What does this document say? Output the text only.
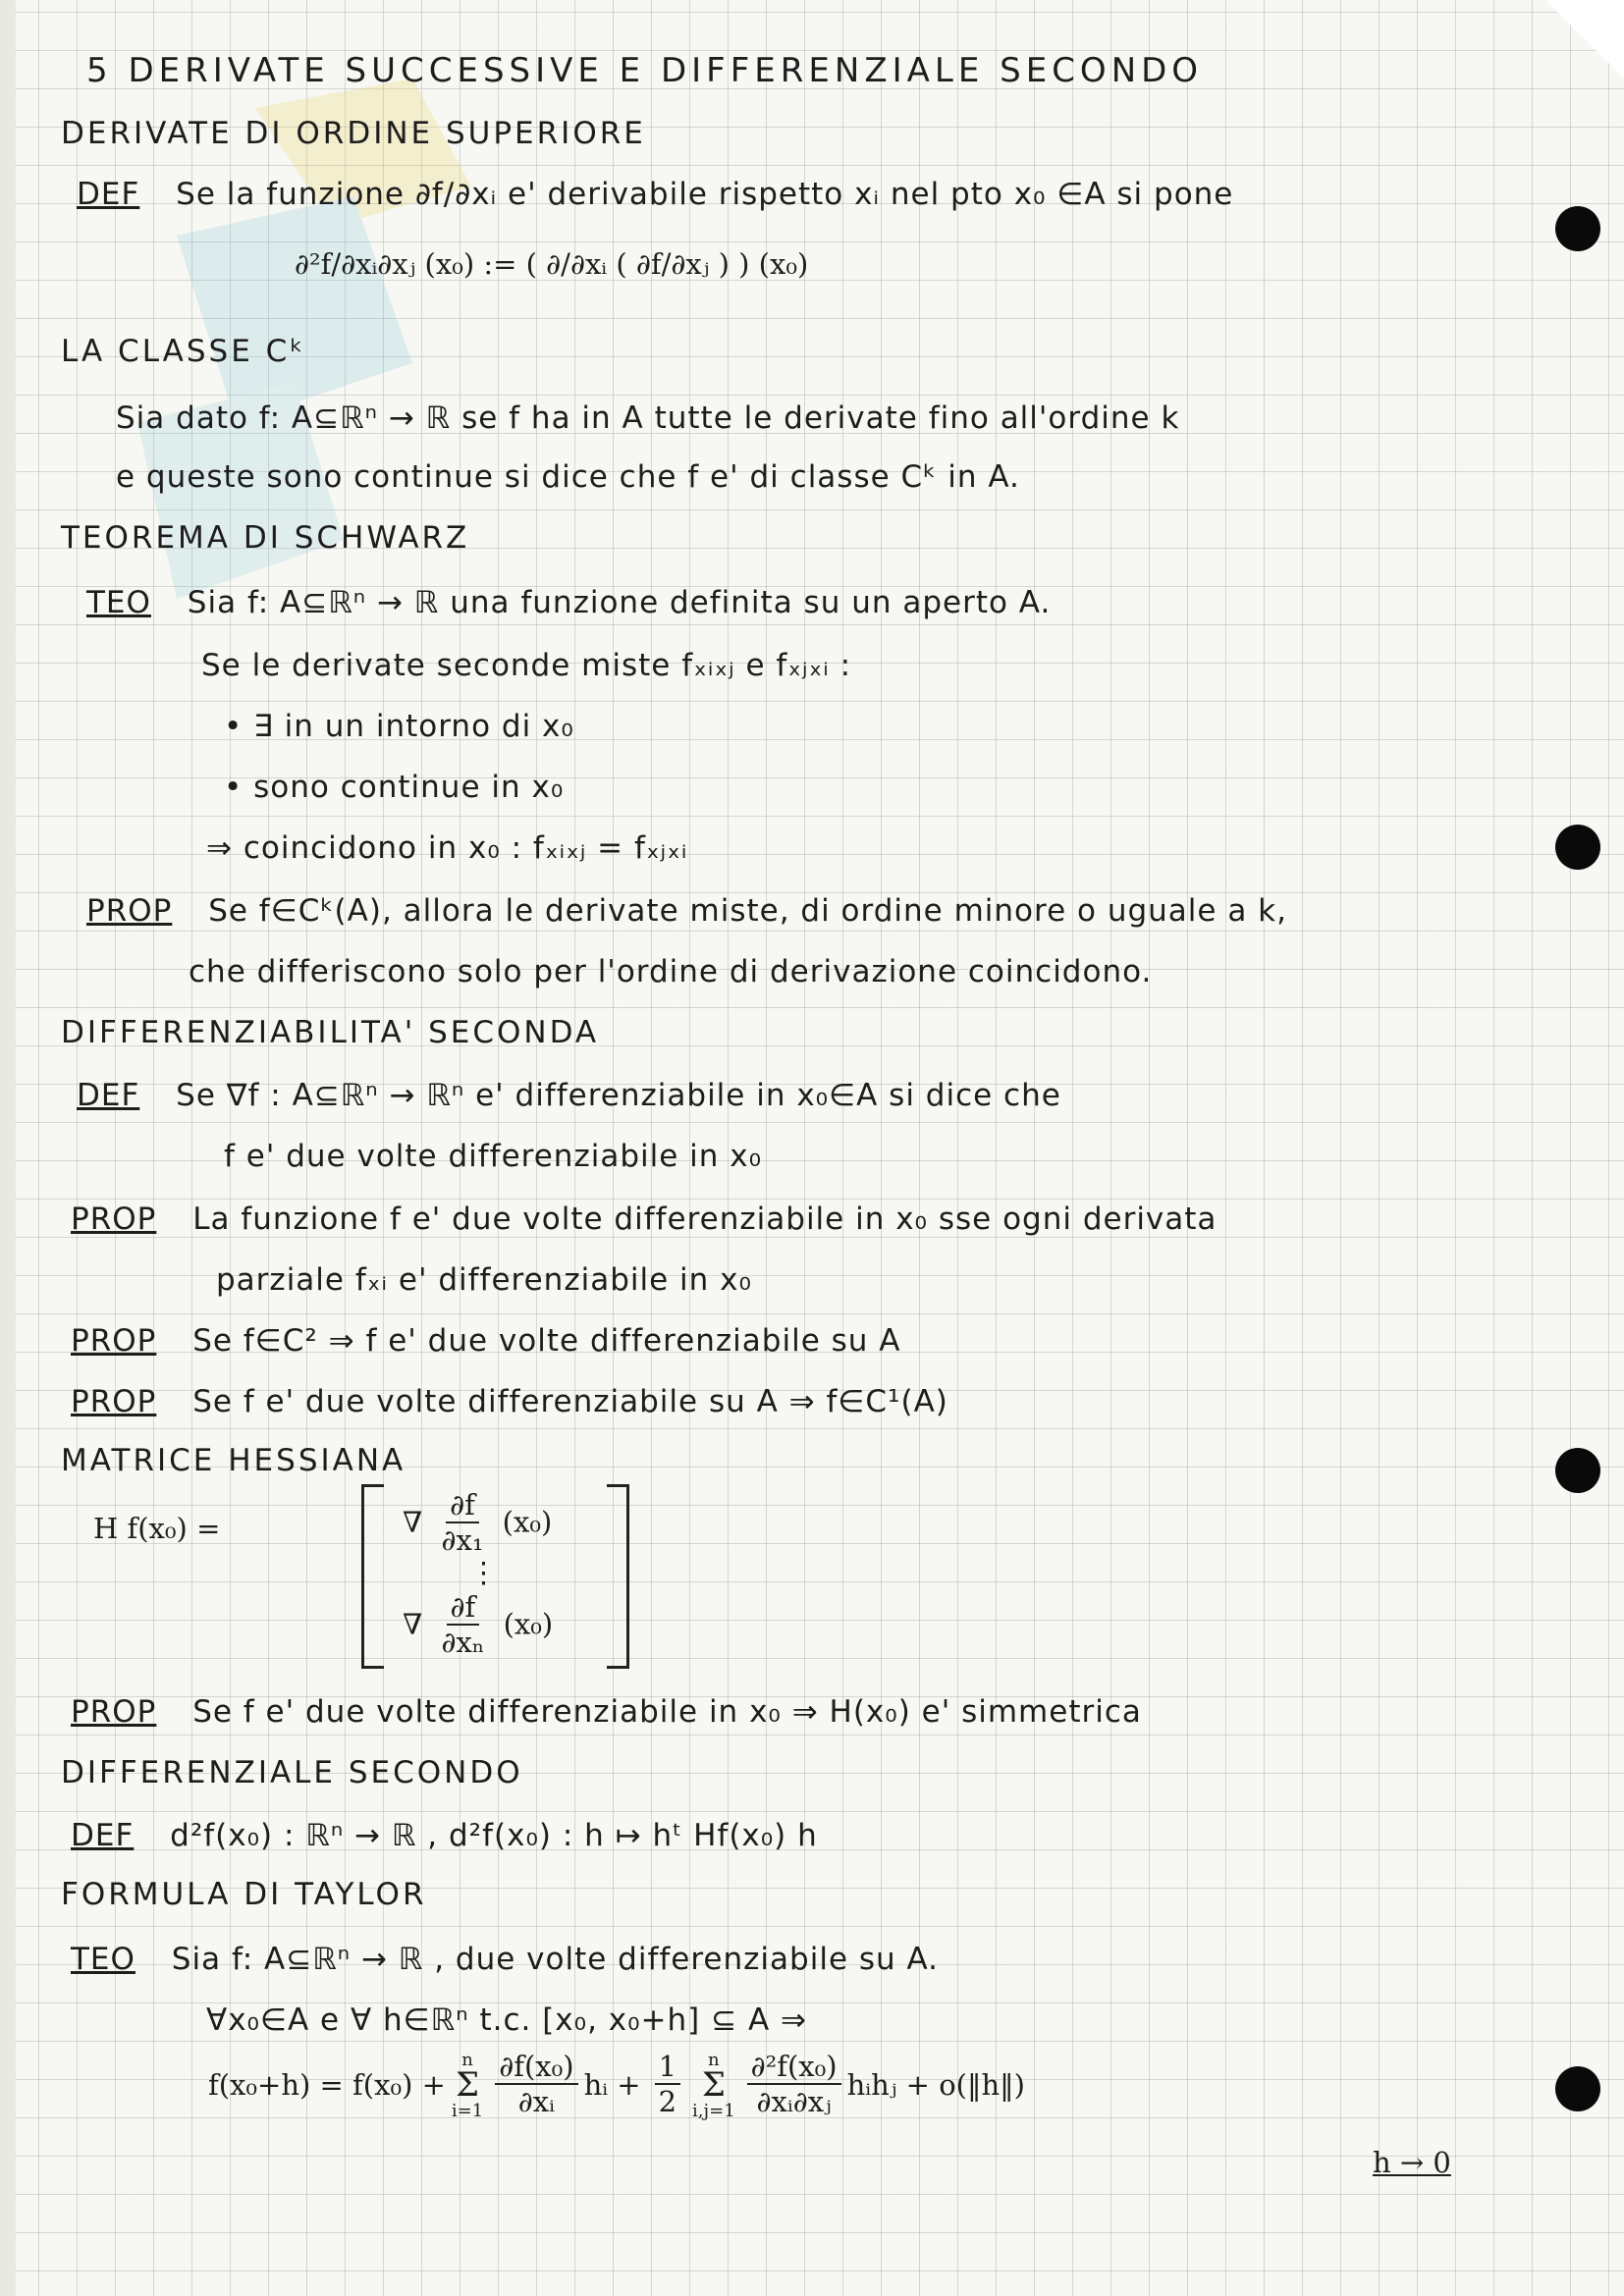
5 DERIVATE SUCCESSIVE E DIFFERENZIALE SECONDO
DERIVATE DI ORDINE SUPERIORE
DEF Se la funzione ∂f/∂xᵢ e' derivabile rispetto xᵢ nel pto x₀ ∈A si pone
∂²f/∂xᵢ∂xⱼ (x₀) := ( ∂/∂xᵢ ( ∂f/∂xⱼ ) ) (x₀)
LA CLASSE Cᵏ
Sia dato f: A⊆ℝⁿ → ℝ se f ha in A tutte le derivate fino all'ordine k
e queste sono continue si dice che f e' di classe Cᵏ in A.
TEOREMA DI SCHWARZ
TEO Sia f: A⊆ℝⁿ → ℝ una funzione definita su un aperto A.
Se le derivate seconde miste fₓᵢₓⱼ e fₓⱼₓᵢ :
• ∃ in un intorno di x₀
• sono continue in x₀
⇒ coincidono in x₀ : fₓᵢₓⱼ = fₓⱼₓᵢ
PROP Se f∈Cᵏ(A), allora le derivate miste, di ordine minore o uguale a k,
che differiscono solo per l'ordine di derivazione coincidono.
DIFFERENZIABILITA' SECONDA
DEF Se ∇f : A⊆ℝⁿ → ℝⁿ e' differenziabile in x₀∈A si dice che
f e' due volte differenziabile in x₀
PROP La funzione f e' due volte differenziabile in x₀ sse ogni derivata
parziale fₓᵢ e' differenziabile in x₀
PROP Se f∈C² ⇒ f e' due volte differenziabile su A
PROP Se f e' due volte differenziabile su A ⇒ f∈C¹(A)
MATRICE HESSIANA
H f(x₀) =	∇ $\frac{\partial f}{\text{∂x₁}} (x_0)$
⋮
∇ $\frac{\partial f}{\text{∂xₙ}} (x_0)$
PROP Se f e' due volte differenziabile in x₀ ⇒ H(x₀) e' simmetrica
DIFFERENZIALE SECONDO
DEF d²f(x₀) : ℝⁿ → ℝ , d²f(x₀) : h ↦ hᵗ Hf(x₀) h
FORMULA DI TAYLOR
TEO Sia f: A⊆ℝⁿ → ℝ , due volte differenziabile su A.
∀x₀∈A e ∀ h∈ℝⁿ t.c. [x₀, x₀+h] ⊆ A ⇒
f(x₀+h) = f(x₀) +
n
Σ
$i=1 \frac{\text{∂f(x₀)}}{\text{∂xᵢ}}$ hᵢ + $\frac{1}{2}$ n
Σ
$i,j=1 \frac{\text{∂²f(x₀)}}{\text{∂xᵢ∂xⱼ}}$ hᵢhⱼ + o(‖h‖)
h → 0
